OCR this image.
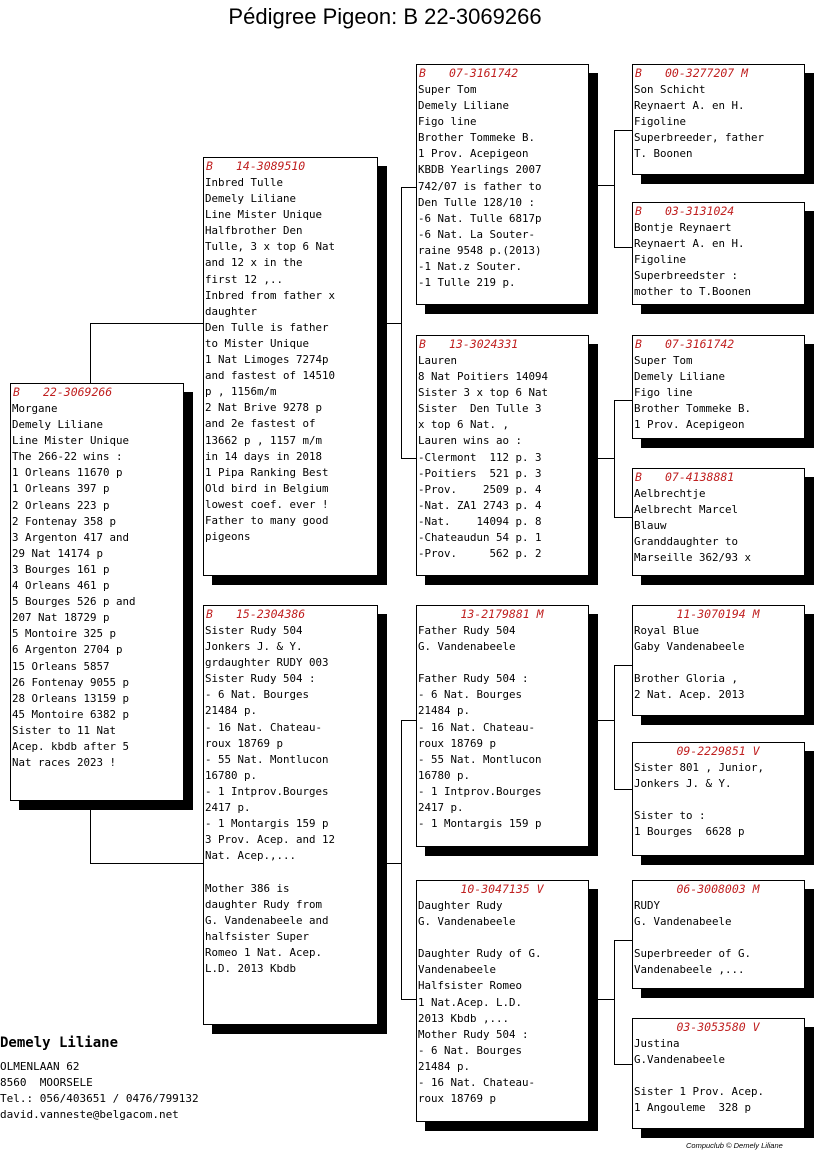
Pédigree Pigeon: B 22-3069266
B 22-3069266
Morgane
Demely Liliane
Line Mister Unique
The 266-22 wins :
1 Orleans 11670 p
1 Orleans 397 p
2 Orleans 223 p
2 Fontenay 358 p
3 Argenton 417 and
29 Nat 14174 p
3 Bourges 161 p
4 Orleans 461 p
5 Bourges 526 p and
207 Nat 18729 p
5 Montoire 325 p
6 Argenton 2704 p
15 Orleans 5857
26 Fontenay 9055 p
28 Orleans 13159 p
45 Montoire 6382 p
Sister to 11 Nat
Acep. kbdb after 5
Nat races 2023 !
B 14-3089510
Inbred Tulle
Demely Liliane
Line Mister Unique
Halfbrother Den
Tulle, 3 x top 6 Nat
and 12 x in the
first 12 ,..
Inbred from father x
daughter
Den Tulle is father
to Mister Unique
1 Nat Limoges 7274p
and fastest of 14510
p , 1156m/m
2 Nat Brive 9278 p
and 2e fastest of
13662 p , 1157 m/m
in 14 days in 2018
1 Pipa Ranking Best
Old bird in Belgium
lowest coef. ever !
Father to many good
pigeons
B 15-2304386
Sister Rudy 504
Jonkers J. & Y.
grdaughter RUDY 003
Sister Rudy 504 :
- 6 Nat. Bourges
21484 p.
- 16 Nat. Chateau-
roux 18769 p
- 55 Nat. Montlucon
16780 p.
- 1 Intprov.Bourges
2417 p.
- 1 Montargis 159 p
3 Prov. Acep. and 12
Nat. Acep.,...

Mother 386 is
daughter Rudy from
G. Vandenabeele and
halfsister Super
Romeo 1 Nat. Acep.
L.D. 2013 Kbdb
B 07-3161742
Super Tom
Demely Liliane
Figo line
Brother Tommeke B.
1 Prov. Acepigeon
KBDB Yearlings 2007
742/07 is father to
Den Tulle 128/10 :
-6 Nat. Tulle 6817p
-6 Nat. La Souter-
raine 9548 p.(2013)
-1 Nat.z Souter.
-1 Tulle 219 p.
B 13-3024331
Lauren
8 Nat Poitiers 14094
Sister 3 x top 6 Nat
Sister  Den Tulle 3
x top 6 Nat. ,
Lauren wins ao :
-Clermont  112 p. 3
-Poitiers  521 p. 3
-Prov.    2509 p. 4
-Nat. ZA1 2743 p. 4
-Nat.    14094 p. 8
-Chateaudun 54 p. 1
-Prov.     562 p. 2
13-2179881 M
Father Rudy 504
G. Vandenabeele

Father Rudy 504 :
- 6 Nat. Bourges
21484 p.
- 16 Nat. Chateau-
roux 18769 p
- 55 Nat. Montlucon
16780 p.
- 1 Intprov.Bourges
2417 p.
- 1 Montargis 159 p
10-3047135 V
Daughter Rudy
G. Vandenabeele

Daughter Rudy of G.
Vandenabeele
Halfsister Romeo
1 Nat.Acep. L.D.
2013 Kbdb ,...
Mother Rudy 504 :
- 6 Nat. Bourges
21484 p.
- 16 Nat. Chateau-
roux 18769 p
B 00-3277207 M
Son Schicht
Reynaert A. en H.
Figoline
Superbreeder, father
T. Boonen
B 03-3131024
Bontje Reynaert
Reynaert A. en H.
Figoline
Superbreedster :
mother to T.Boonen
B 07-3161742
Super Tom
Demely Liliane
Figo line
Brother Tommeke B.
1 Prov. Acepigeon
B 07-4138881
Aelbrechtje
Aelbrecht Marcel
Blauw
Granddaughter to
Marseille 362/93 x
11-3070194 M
Royal Blue
Gaby Vandenabeele

Brother Gloria ,
2 Nat. Acep. 2013
09-2229851 V
Sister 801 , Junior,
Jonkers J. & Y.

Sister to :
1 Bourges  6628 p
06-3008003 M
RUDY
G. Vandenabeele

Superbreeder of G.
Vandenabeele ,...
03-3053580 V
Justina
G.Vandenabeele

Sister 1 Prov. Acep.
1 Angouleme  328 p
Demely Liliane
OLMENLAAN 62
8560  MOORSELE
Tel.: 056/403651 / 0476/799132
david.vanneste@belgacom.net
Compuclub © Demely Liliane
